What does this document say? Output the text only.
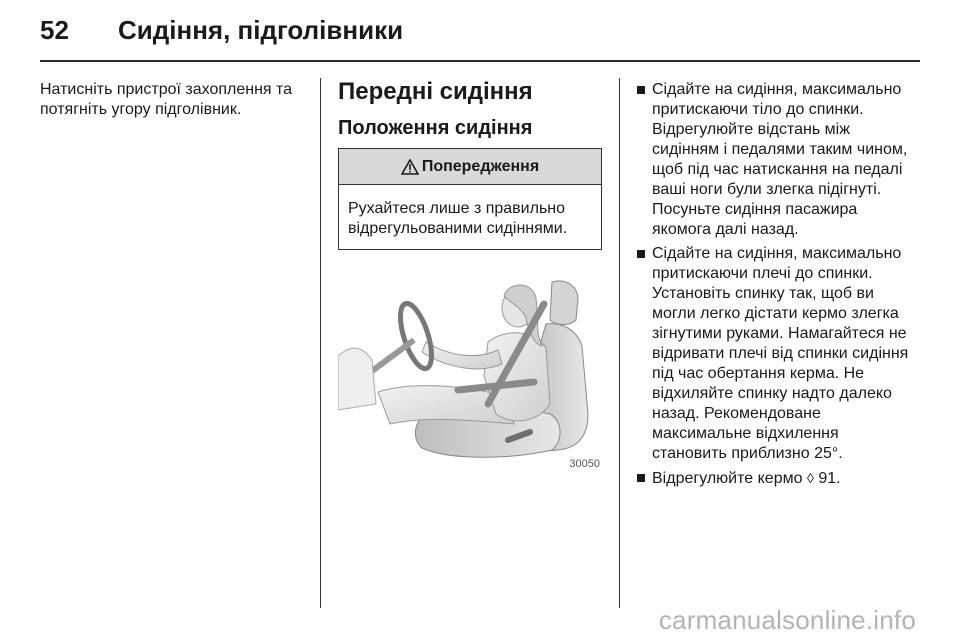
52	Сидіння, підголівники

Натисніть пристрої захоплення та потягніть угору підголівник.

Передні сидіння
Положення сидіння
Попередження
Рухайтеся лише з правильно відрегульованими сидіннями.
30050
Сідайте на сидіння, максимально притискаючи тіло до спинки. Відрегулюйте відстань між сидінням і педалями таким чином, щоб під час натискання на педалі ваші ноги були злегка підігнуті. Посуньте сидіння пасажира якомога далі назад.
Сідайте на сидіння, максимально притискаючи плечі до спинки. Установіть спинку так, щоб ви могли легко дістати кермо злегка зігнутими руками. Намагайтеся не відривати плечі від спинки сидіння під час обертання керма. Не відхиляйте спинку надто далеко назад. Рекомендоване максимальне відхилення становить приблизно 25°.
Відрегулюйте кермо ◊ 91.
carmanualsonline.info
